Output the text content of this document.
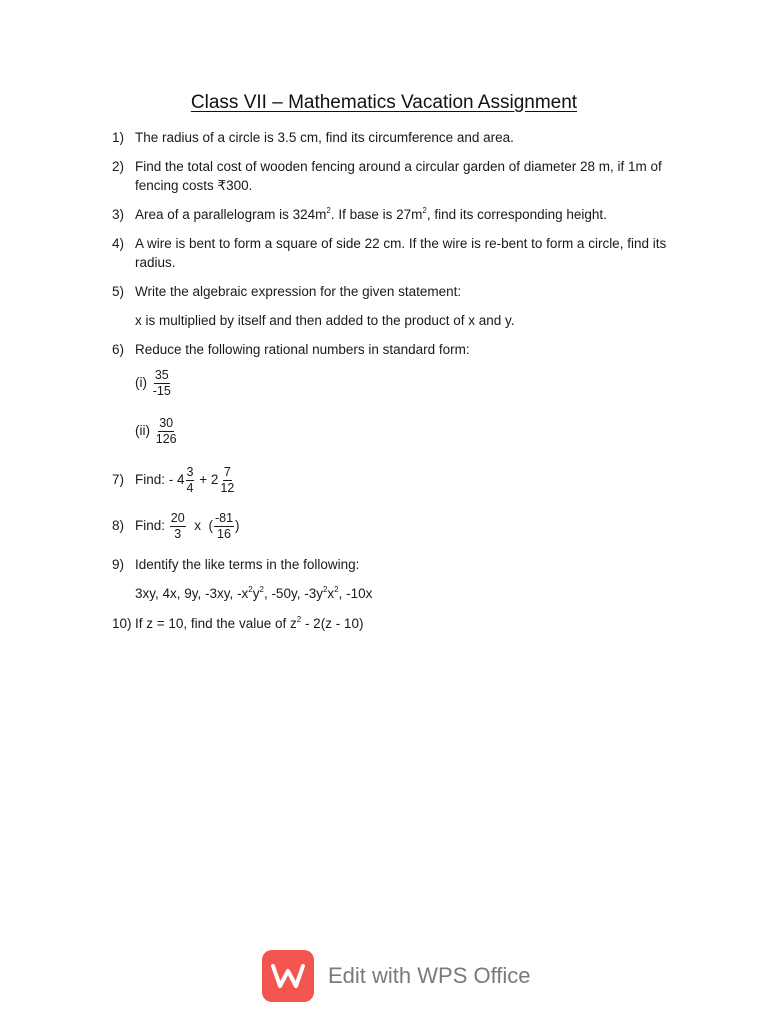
Class VII – Mathematics Vacation Assignment
1) The radius of a circle is 3.5 cm, find its circumference and area.
2) Find the total cost of wooden fencing around a circular garden of diameter 28 m, if 1m of fencing costs ₹300.
3) Area of a parallelogram is $324m^2$. If base is $27m^2$, find its corresponding height.
4) A wire is bent to form a square of side 22 cm. If the wire is re-bent to form a circle, find its radius.
5) Write the algebraic expression for the given statement:
x is multiplied by itself and then added to the product of x and y.
6) Reduce the following rational numbers in standard form:
$(i) \frac{35}{-15}$
$(ii) \frac{30}{126}$
7) Find: - $4 \frac{3}{4} + 2 \frac{7}{12}$
8) Find: $\frac{20}{3}$ x ( $\frac{-81}{16}$ )
9) Identify the like terms in the following:
3xy, 4x, 9y, -3xy, $-x^2y^2$, -50y, $-3y^2x^2$, -10x
10) If z = 10, find the value of $z^2 - 2(z - 10)$
Edit with WPS Office
